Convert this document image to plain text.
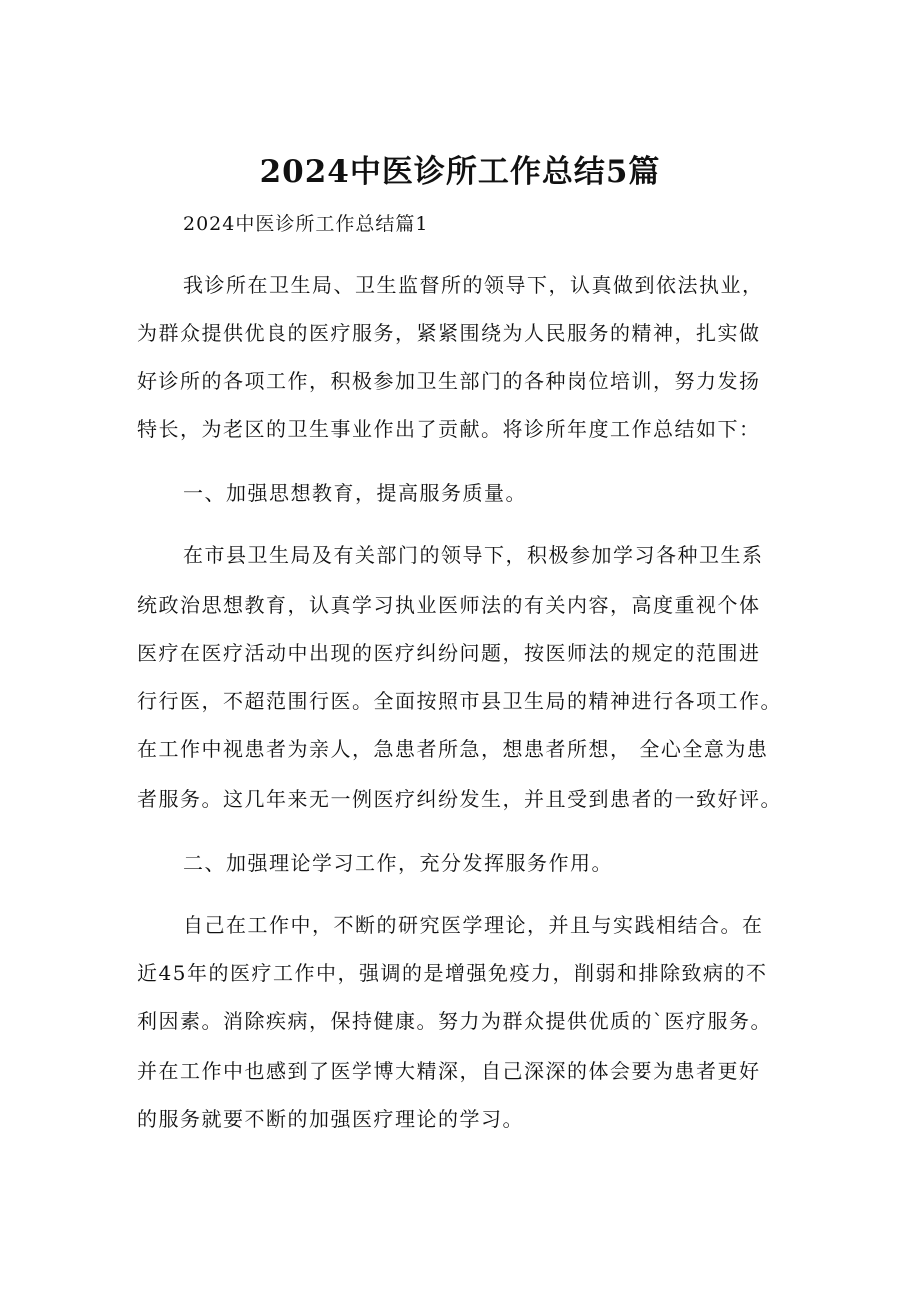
2024中医诊所工作总结5篇

2024中医诊所工作总结篇1

我诊所在卫生局、卫生监督所的领导下，认真做到依法执业，

为群众提供优良的医疗服务，紧紧围绕为人民服务的精神，扎实做

好诊所的各项工作，积极参加卫生部门的各种岗位培训，努力发扬

特长，为老区的卫生事业作出了贡献。将诊所年度工作总结如下：

一、加强思想教育，提高服务质量。

在市县卫生局及有关部门的领导下，积极参加学习各种卫生系

统政治思想教育，认真学习执业医师法的有关内容，高度重视个体

医疗在医疗活动中出现的医疗纠纷问题，按医师法的规定的范围进

行行医，不超范围行医。全面按照市县卫生局的精神进行各项工作。

在工作中视患者为亲人，急患者所急，想患者所想， 全心全意为患

者服务。这几年来无一例医疗纠纷发生，并且受到患者的一致好评。

二、加强理论学习工作，充分发挥服务作用。

自己在工作中，不断的研究医学理论，并且与实践相结合。在

近45年的医疗工作中，强调的是增强免疫力，削弱和排除致病的不

利因素。消除疾病，保持健康。努力为群众提供优质的`医疗服务。

并在工作中也感到了医学博大精深，自己深深的体会要为患者更好

的服务就要不断的加强医疗理论的学习。
